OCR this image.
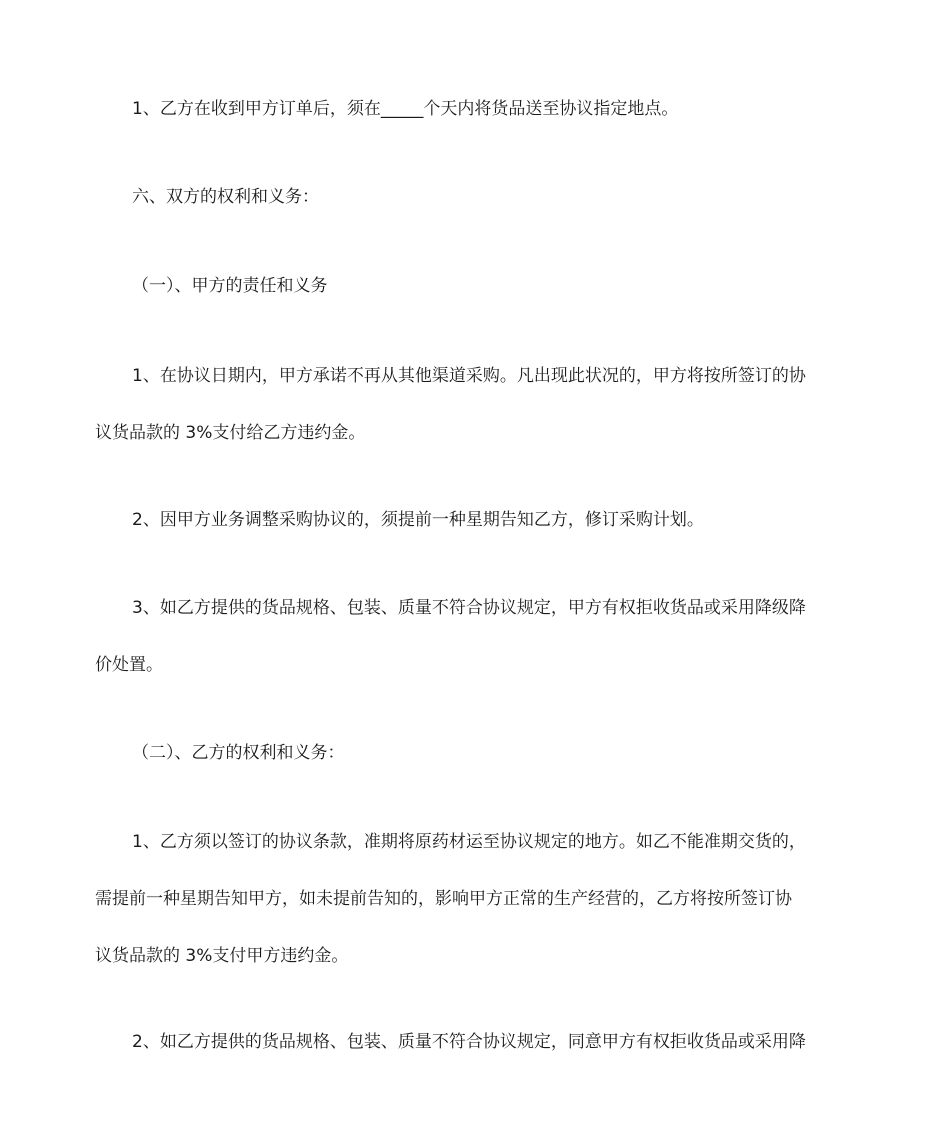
1、乙方在收到甲方订单后，须在_____个天内将货品送至协议指定地点。

六、双方的权利和义务：

（一）、甲方的责任和义务

1、在协议日期内，甲方承诺不再从其他渠道采购。凡出现此状况的，甲方将按所签订的协
议货品款的 3%支付给乙方违约金。

2、因甲方业务调整采购协议的，须提前一种星期告知乙方，修订采购计划。

3、如乙方提供的货品规格、包装、质量不符合协议规定，甲方有权拒收货品或采用降级降
价处置。

（二）、乙方的权利和义务：

1、乙方须以签订的协议条款，准期将原药材运至协议规定的地方。如乙不能准期交货的，
需提前一种星期告知甲方，如未提前告知的，影响甲方正常的生产经营的，乙方将按所签订协
议货品款的 3%支付甲方违约金。

2、如乙方提供的货品规格、包装、质量不符合协议规定，同意甲方有权拒收货品或采用降
